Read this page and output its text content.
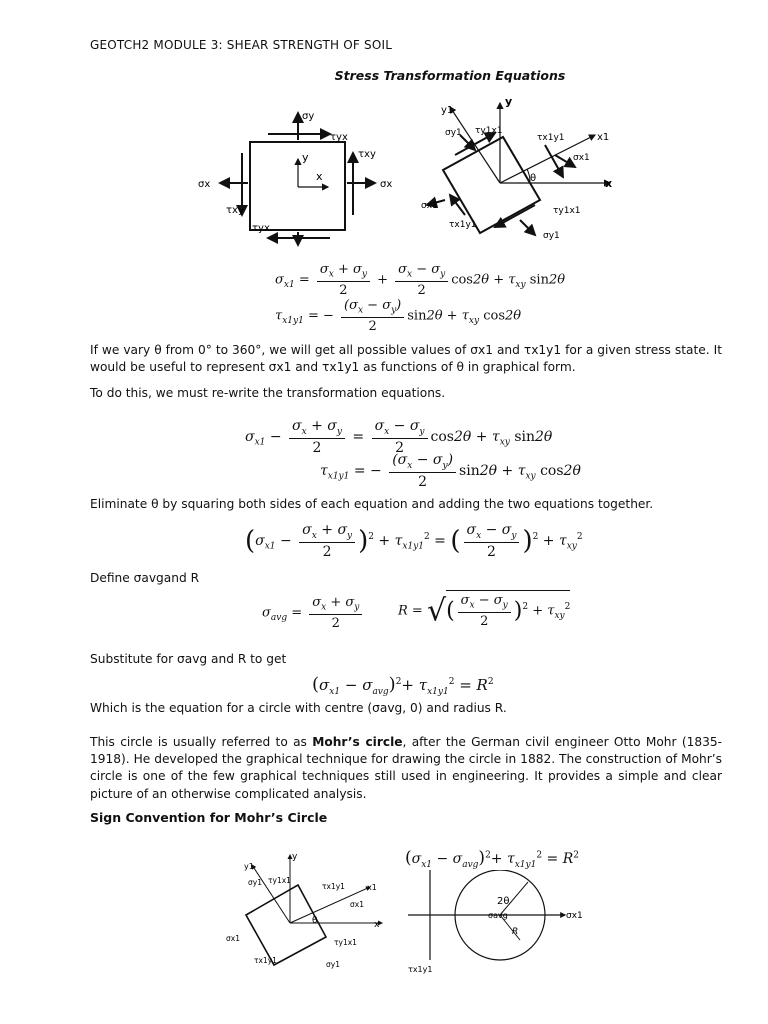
GEOTCH2 MODULE 3: SHEAR STRENGTH OF SOIL
Stress Transformation Equations
y
x
σy
σx	σx
τyx
τxy
τxy
τyx
θ
y
x
x1
y1
σy1 τy1x1
τx1y1
σx1
σx1
τx1y1
τy1x1
σy1
$\sigma_{x1} = \frac{\sigma_x + \sigma_y}{2} + \frac{\sigma_x - \sigma_y}{2} \cos 2\theta + \tau_{xy}$ sin2θ
$\tau_{x1y1}$ = − $\frac{(\sigma_x - \sigma_y)}{2} \sin 2\theta + \tau_{xy}$ cos2θ
If we vary θ from 0° to 360°, we will get all possible values of σx1 and τx1y1 for a given stress state. It would be useful to represent σx1 and τx1y1 as functions of θ in graphical form.
To do this, we must re-write the transformation equations.
$\sigma_{x1} - \frac{\sigma_x + \sigma_y}{2} = \frac{\sigma_x - \sigma_y}{2} \cos 2\theta + \tau_{xy}$ sin2θ
$\tau_{x1y1}$ = − $\frac{(\sigma_x - \sigma_y)}{2} \sin 2\theta + \tau_{xy}$ cos2θ
Eliminate θ by squaring both sides of each equation and adding the two equations together.
$(\sigma_{x1} - \frac{\sigma_x + \sigma_y}{2} )^2 + \tau_{x1y1}^2$ = ( $\frac{\sigma_x - \sigma_y}{2} )^2 + \tau_{xy}^2$
Define σavgand R
$\sigma_{avg} = \frac{\sigma_x + \sigma_y}{2}$	R = √( $\frac{\sigma_x - \sigma_y}{2} )^2 + \tau_{xy}^2$
Substitute for σavg and R to get
$(\sigma_{x1} - \sigma_{avg})^2+ \tau_{x1y1}^2 = R^2$
Which is the equation for a circle with centre (σavg, 0) and radius R.
This circle is usually referred to as Mohr’s circle, after the German civil engineer Otto Mohr (1835-1918). He developed the graphical technique for drawing the circle in 1882. The construction of Mohr’s circle is one of the few graphical techniques still used in engineering. It provides a simple and clear picture of an otherwise complicated analysis.
Sign Convention for Mohr’s Circle
θ
y
x
x1
y1
σy1 τy1x1
τx1y1
σx1
σx1
τx1y1
τy1x1
σy1
$(\sigma_{x1} - \sigma_{avg})^2+ \tau_{x1y1}^2 = R^2$
2θ
σavg
R
σx1
τx1y1
